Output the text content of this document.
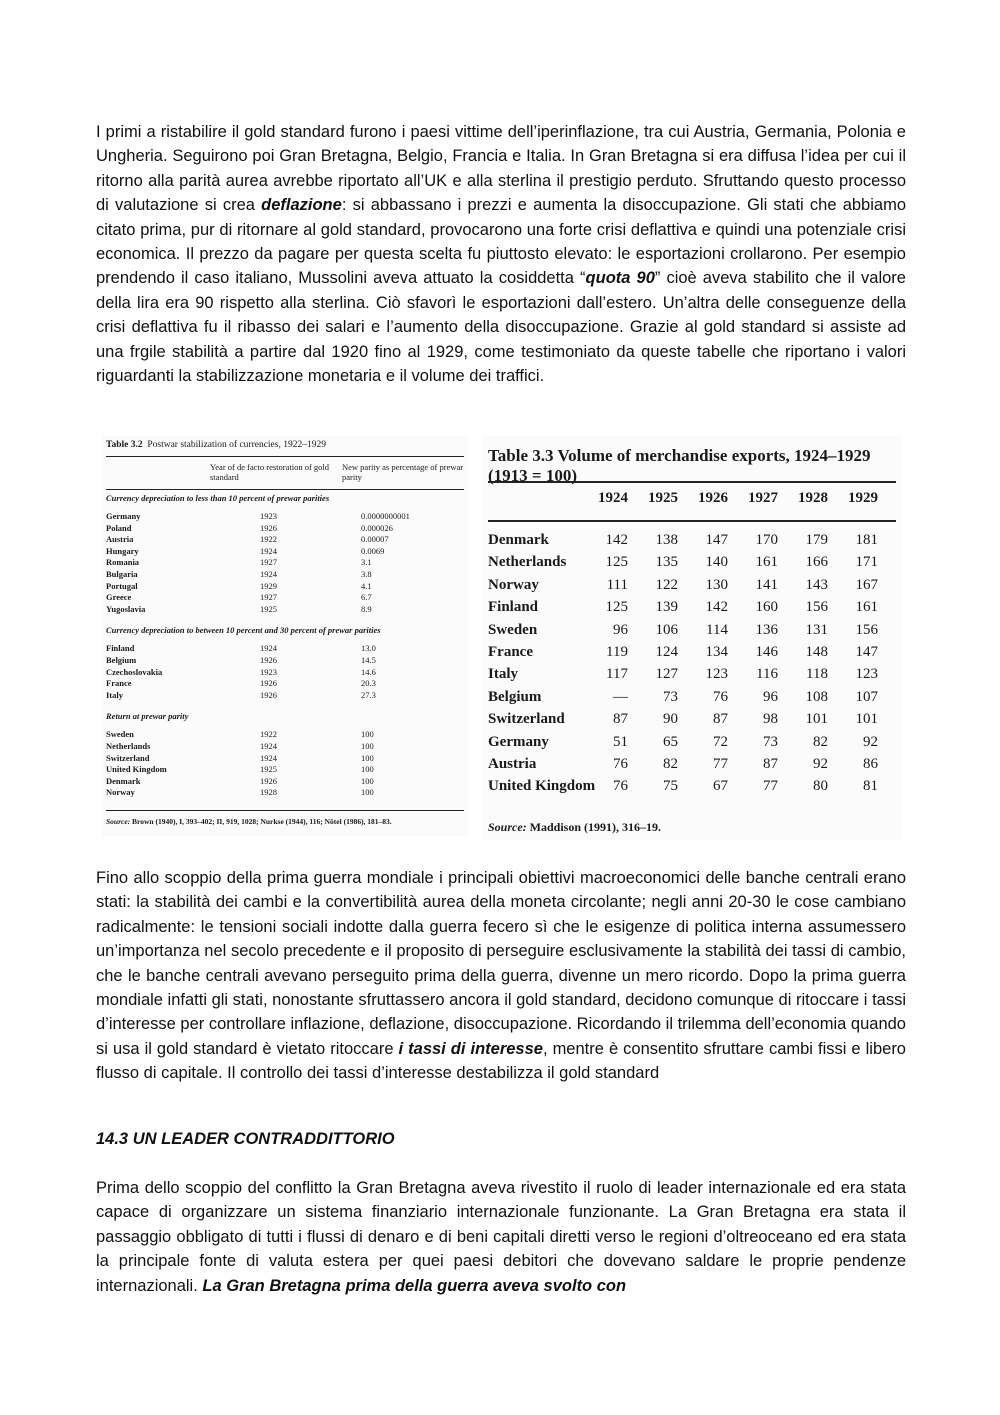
I primi a ristabilire il gold standard furono i paesi vittime dell’iperinflazione, tra cui Austria, Germania, Polonia e Ungheria. Seguirono poi Gran Bretagna, Belgio, Francia e Italia. In Gran Bretagna si era diffusa l’idea per cui il ritorno alla parità aurea avrebbe riportato all’UK e alla sterlina il prestigio perduto. Sfruttando questo processo di valutazione si crea deflazione: si abbassano i prezzi e aumenta la disoccupazione. Gli stati che abbiamo citato prima, pur di ritornare al gold standard, provocarono una forte crisi deflattiva e quindi una potenziale crisi economica. Il prezzo da pagare per questa scelta fu piuttosto elevato: le esportazioni crollarono. Per esempio prendendo il caso italiano, Mussolini aveva attuato la cosiddetta “quota 90” cioè aveva stabilito che il valore della lira era 90 rispetto alla sterlina. Ciò sfavorì le esportazioni dall’estero. Un’altra delle conseguenze della crisi deflattiva fu il ribasso dei salari e l’aumento della disoccupazione. Grazie al gold standard si assiste ad una frgile stabilità a partire dal 1920 fino al 1929, come testimoniato da queste tabelle che riportano i valori riguardanti la stabilizzazione monetaria e il volume dei traffici.

Table 3.2 Postwar stabilization of currencies, 1922–1929
Year of de facto restoration of gold standard
New parity as percentage of prewar parity
Currency depreciation to less than 10 percent of prewar parities
Germany	1923	0.0000000001
Poland	1926	0.000026
Austria	1922	0.00007
Hungary	1924	0.0069
Romania	1927	3.1
Bulgaria	1924	3.8
Portugal	1929	4.1
Greece	1927	6.7
Yugoslavia	1925	8.9
Currency depreciation to between 10 percent and 30 percent of prewar parities
Finland	1924	13.0
Belgium	1926	14.5
Czechoslovakia	1923	14.6
France	1926	20.3
Italy	1926	27.3
Return at prewar parity
Sweden	1922	100
Netherlands	1924	100
Switzerland	1924	100
United Kingdom	1925	100
Denmark	1926	100
Norway	1928	100
Source: Brown (1940), I, 393–402; II, 919, 1028; Nurkse (1944), 116; Nötel (1986), 181–83.
Table 3.3 Volume of merchandise exports, 1924–1929 (1913 = 100)
1924	1925	1926	1927	1928	1929
Denmark	142	138	147	170	179	181
Netherlands	125	135	140	161	166	171
Norway	111	122	130	141	143	167
Finland	125	139	142	160	156	161
Sweden	96	106	114	136	131	156
France	119	124	134	146	148	147
Italy	117	127	123	116	118	123
Belgium	—	73	76	96	108	107
Switzerland	87	90	87	98	101	101
Germany	51	65	72	73	82	92
Austria	76	82	77	87	92	86
United Kingdom	76	75	67	77	80	81
Source: Maddison (1991), 316–19.

Fino allo scoppio della prima guerra mondiale i principali obiettivi macroeconomici delle banche centrali erano stati: la stabilità dei cambi e la convertibilità aurea della moneta circolante; negli anni 20-30 le cose cambiano radicalmente: le tensioni sociali indotte dalla guerra fecero sì che le esigenze di politica interna assumessero un’importanza nel secolo precedente e il proposito di perseguire esclusivamente la stabilità dei tassi di cambio, che le banche centrali avevano perseguito prima della guerra, divenne un mero ricordo. Dopo la prima guerra mondiale infatti gli stati, nonostante sfruttassero ancora il gold standard, decidono comunque di ritoccare i tassi d’interesse per controllare inflazione, deflazione, disoccupazione. Ricordando il trilemma dell’economia quando si usa il gold standard è vietato ritoccare i tassi di interesse, mentre è consentito sfruttare cambi fissi e libero flusso di capitale. Il controllo dei tassi d’interesse destabilizza il gold standard

14.3 UN LEADER CONTRADDITTORIO

Prima dello scoppio del conflitto la Gran Bretagna aveva rivestito il ruolo di leader internazionale ed era stata capace di organizzare un sistema finanziario internazionale funzionante. La Gran Bretagna era stata il passaggio obbligato di tutti i flussi di denaro e di beni capitali diretti verso le regioni d’oltreoceano ed era stata la principale fonte di valuta estera per quei paesi debitori che dovevano saldare le proprie pendenze internazionali. La Gran Bretagna prima della guerra aveva svolto con
